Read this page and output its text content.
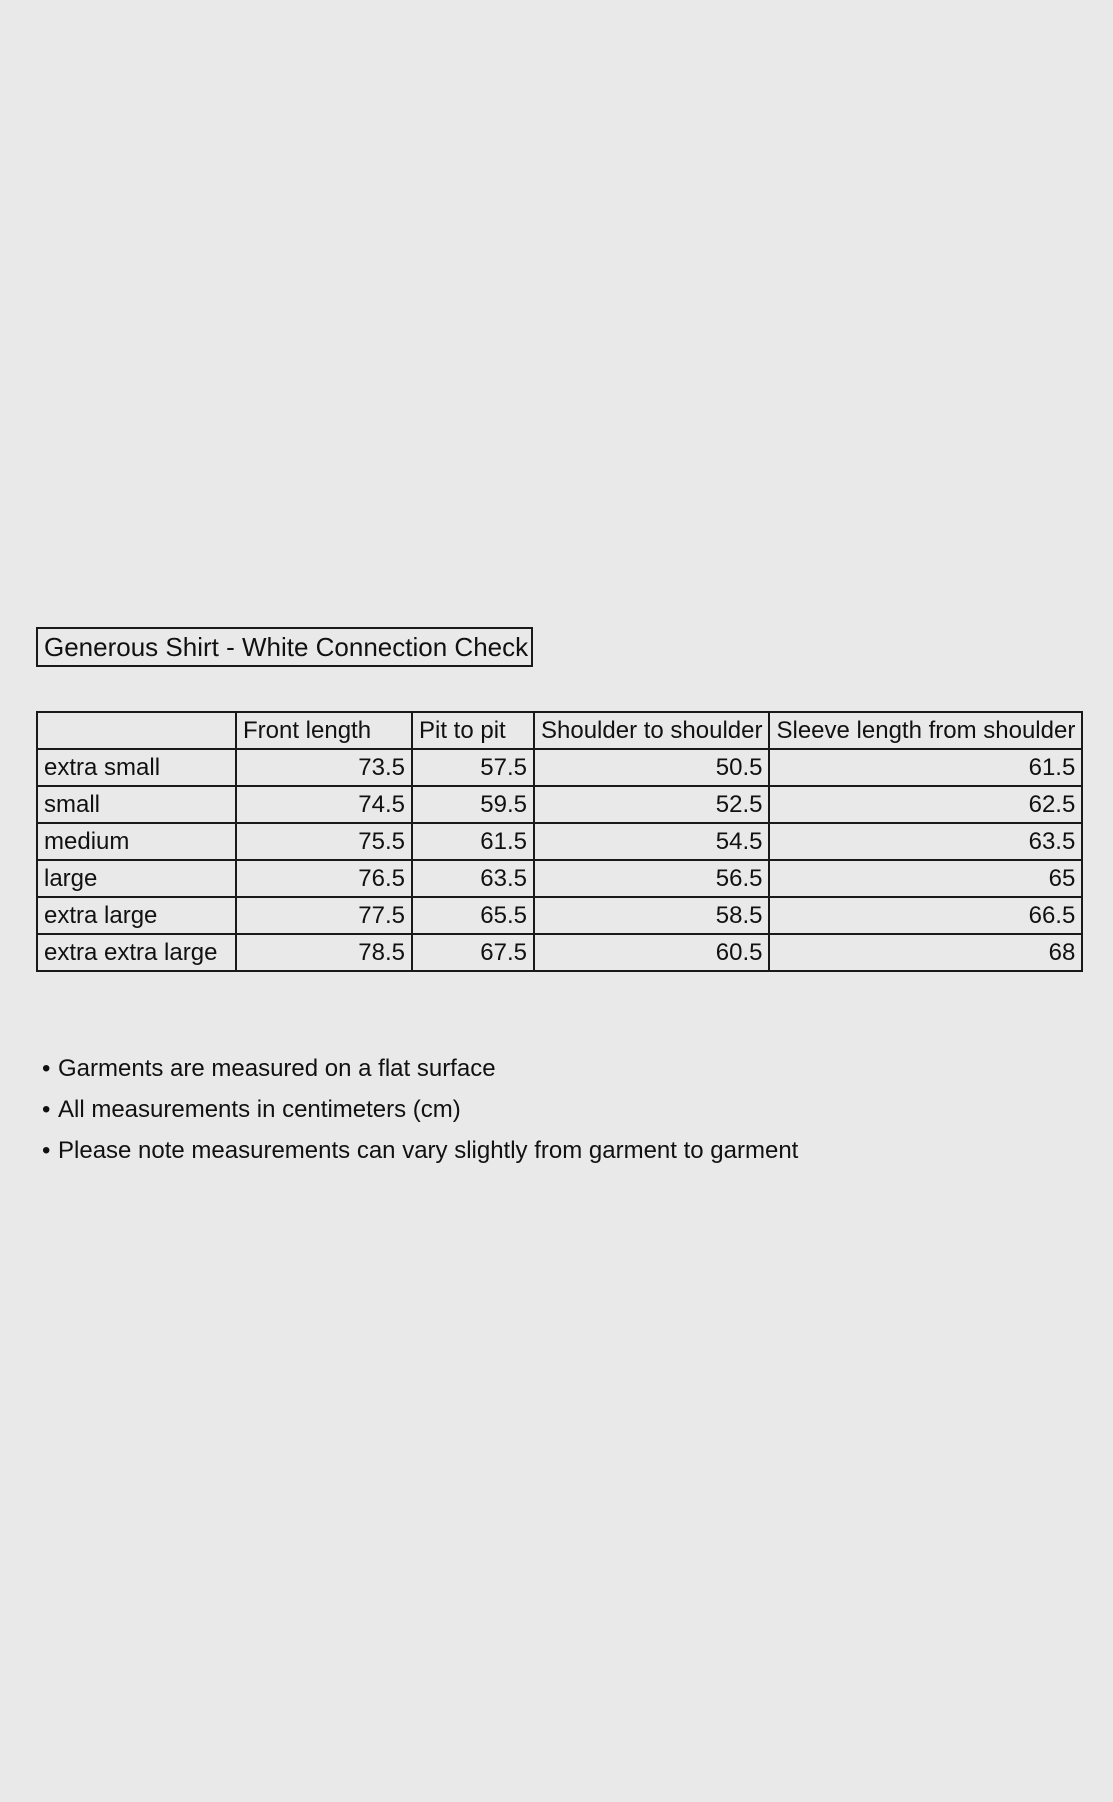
Generous Shirt - White Connection Check
	Front length	Pit to pit	Shoulder to shoulder	Sleeve length from shoulder
extra small	73.5	57.5	50.5	61.5
small	74.5	59.5	52.5	62.5
medium	75.5	61.5	54.5	63.5
large	76.5	63.5	56.5	65
extra large	77.5	65.5	58.5	66.5
extra extra large	78.5	67.5	60.5	68
• Garments are measured on a flat surface
• All measurements in centimeters (cm)
• Please note measurements can vary slightly from garment to garment
